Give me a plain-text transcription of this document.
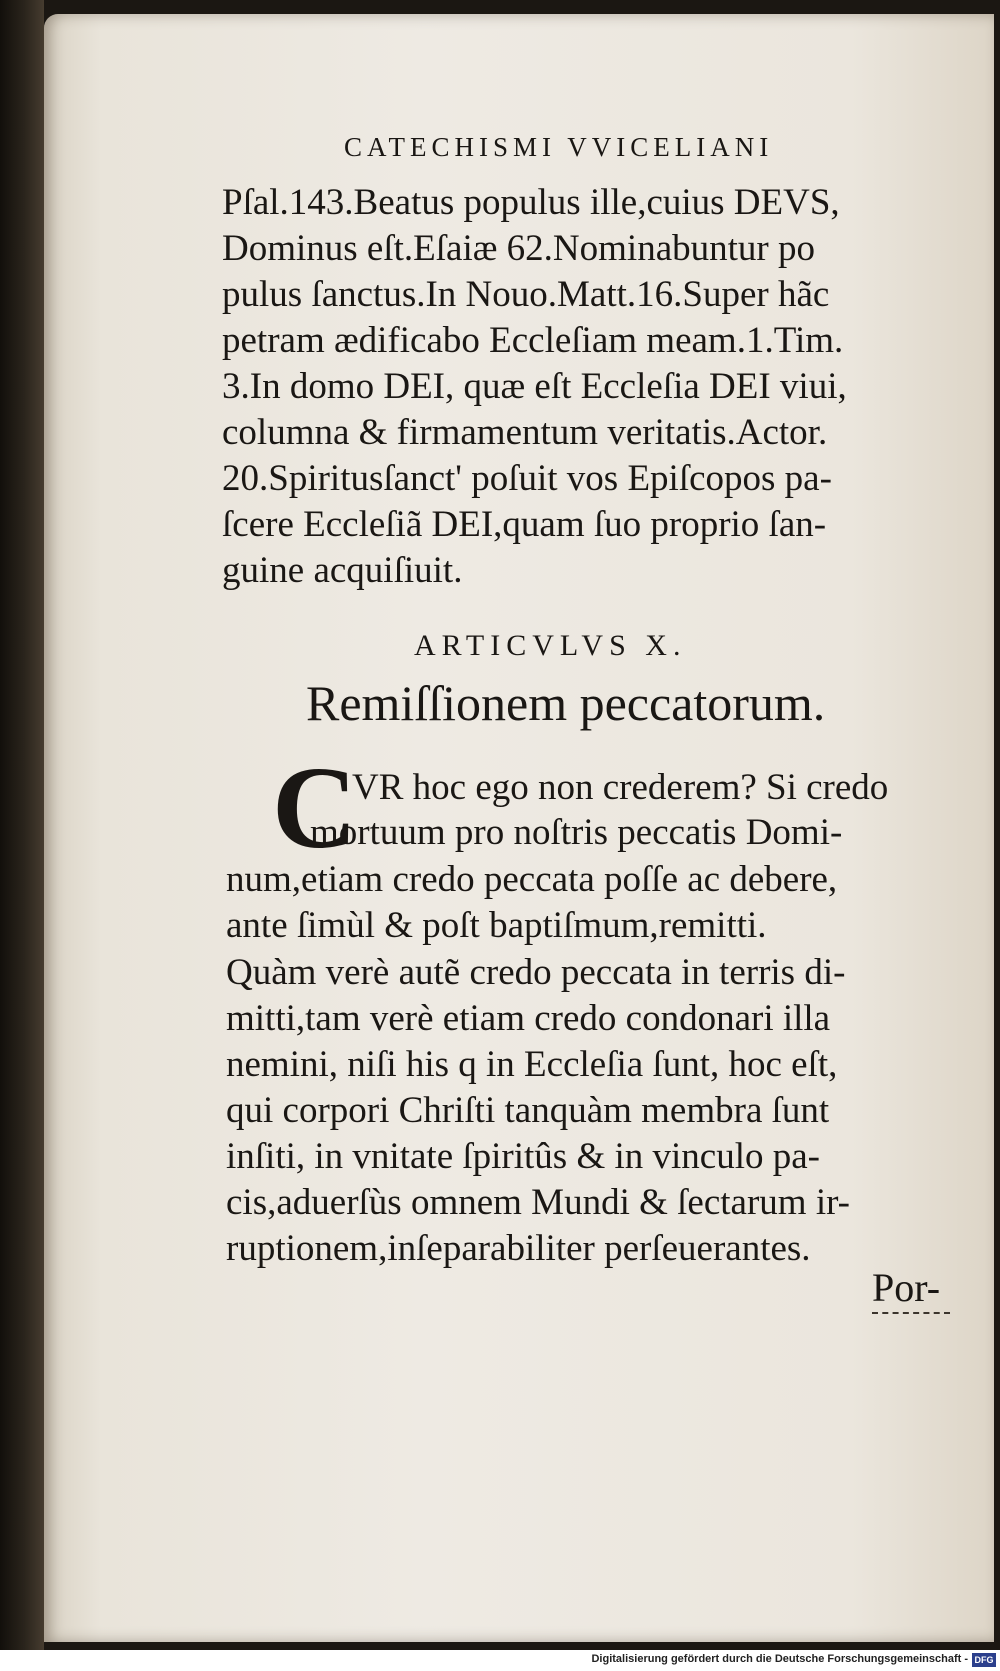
CATECHISMI VVICELIANI
Pſal.143.Beatus populus ille,cuius DEVS,
Dominus eſt.Eſaiæ 62.Nominabuntur po
pulus ſanctus.In Nouo.Matt.16.Super hãc
petram ædificabo Eccleſiam meam.1.Tim.
3.In domo DEI, quæ eſt Eccleſia DEI viui,
columna & firmamentum veritatis.Actor.
20.Spiritusſanct' poſuit vos Epiſcopos pa-
ſcere Eccleſiã DEI,quam ſuo proprio ſan-
guine acquiſiuit.
ARTICVLVS X.
Remiſſionem peccatorum.
C
VR hoc ego non crederem? Si credo
mortuum pro noſtris peccatis Domi-
num,etiam credo peccata poſſe ac debere,
ante ſimùl & poſt baptiſmum,remitti.
Quàm verè autẽ credo peccata in terris di-
mitti,tam verè etiam credo condonari illa
nemini, niſi his q in Eccleſia ſunt, hoc eſt,
qui corpori Chriſti tanquàm membra ſunt
inſiti, in vnitate ſpiritûs & in vinculo pa-
cis,aduerſùs omnem Mundi & ſectarum ir-
ruptionem,inſeparabiliter perſeuerantes.
Por-
Digitalisierung gefördert durch die Deutsche Forschungsgemeinschaft - DFG
